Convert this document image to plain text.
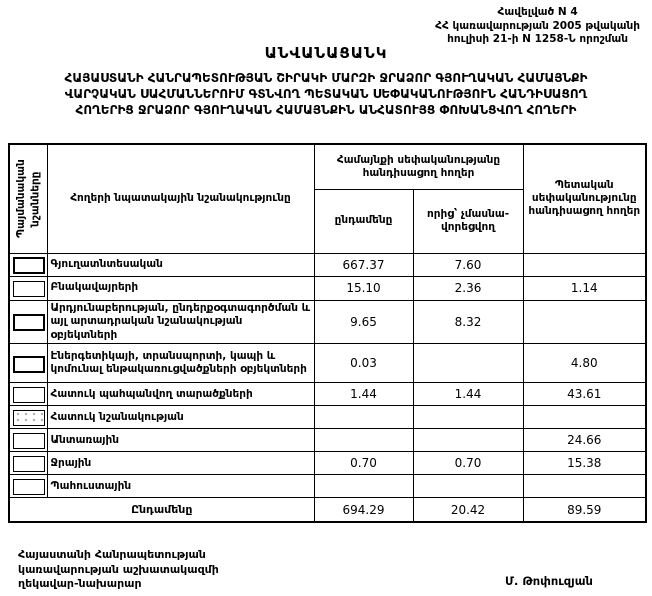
Հավելված N 4
ՀՀ կառավարության 2005 թվականի
հուլիսի 21-ի N 1258-Ն որոշման
ԱՆՎԱՆԱՑԱՆԿ
ՀԱՅԱՍՏԱՆԻ ՀԱՆՐԱՊԵՏՈՒԹՅԱՆ ՇԻՐԱԿԻ ՄԱՐԶԻ ՋՐԱՁՈՐ ԳՅՈՒՂԱԿԱՆ ՀԱՄԱՅՆՔԻ
ՎԱՐՉԱԿԱՆ ՍԱՀՄԱՆՆԵՐՈՒՄ ԳՏՆՎՈՂ ՊԵՏԱԿԱՆ ՍԵՓԱԿԱՆՈՒԹՅՈՒՆ ՀԱՆԴԻՍԱՑՈՂ
ՀՈՂԵՐԻՑ ՋՐԱՁՈՐ ԳՅՈՒՂԱԿԱՆ ՀԱՄԱՅՆՔԻՆ ԱՆՀԱՏՈՒՅՑ ՓՈԽԱՆՑՎՈՂ ՀՈՂԵՐԻ
Պայմանական նշանները	Հողերի նպատակային նշանակությունը	Համայնքի սեփականությանը հանդիսացող հողեր		Պետական սեփականությունը հանդիսացող հողեր
		ընդամենը	որից՝ չմասնա-վորեցվող	
	Գյուղատնտեսական	667.37	7.60	
	Բնակավայրերի	15.10	2.36	1.14
	Արդյունաբերության, ընդերքօգտագործման և այլ արտադրական նշանակության օբյեկտների	9.65	8.32	
	Էներգետիկայի, տրանսպորտի, կապի և կոմունալ ենթակառուցվածքների օբյեկտների	0.03		4.80
	Հատուկ պահպանվող տարածքների	1.44	1.44	43.61
	Հատուկ նշանակության			
	Անտառային			24.66
	Ջրային	0.70	0.70	15.38
	Պահուստային			
Ընդամենը		694.29	20.42	89.59
Հայաստանի Հանրապետության
կառավարության աշխատակազմի
ղեկավար-նախարար	Մ. Թոփուզյան
